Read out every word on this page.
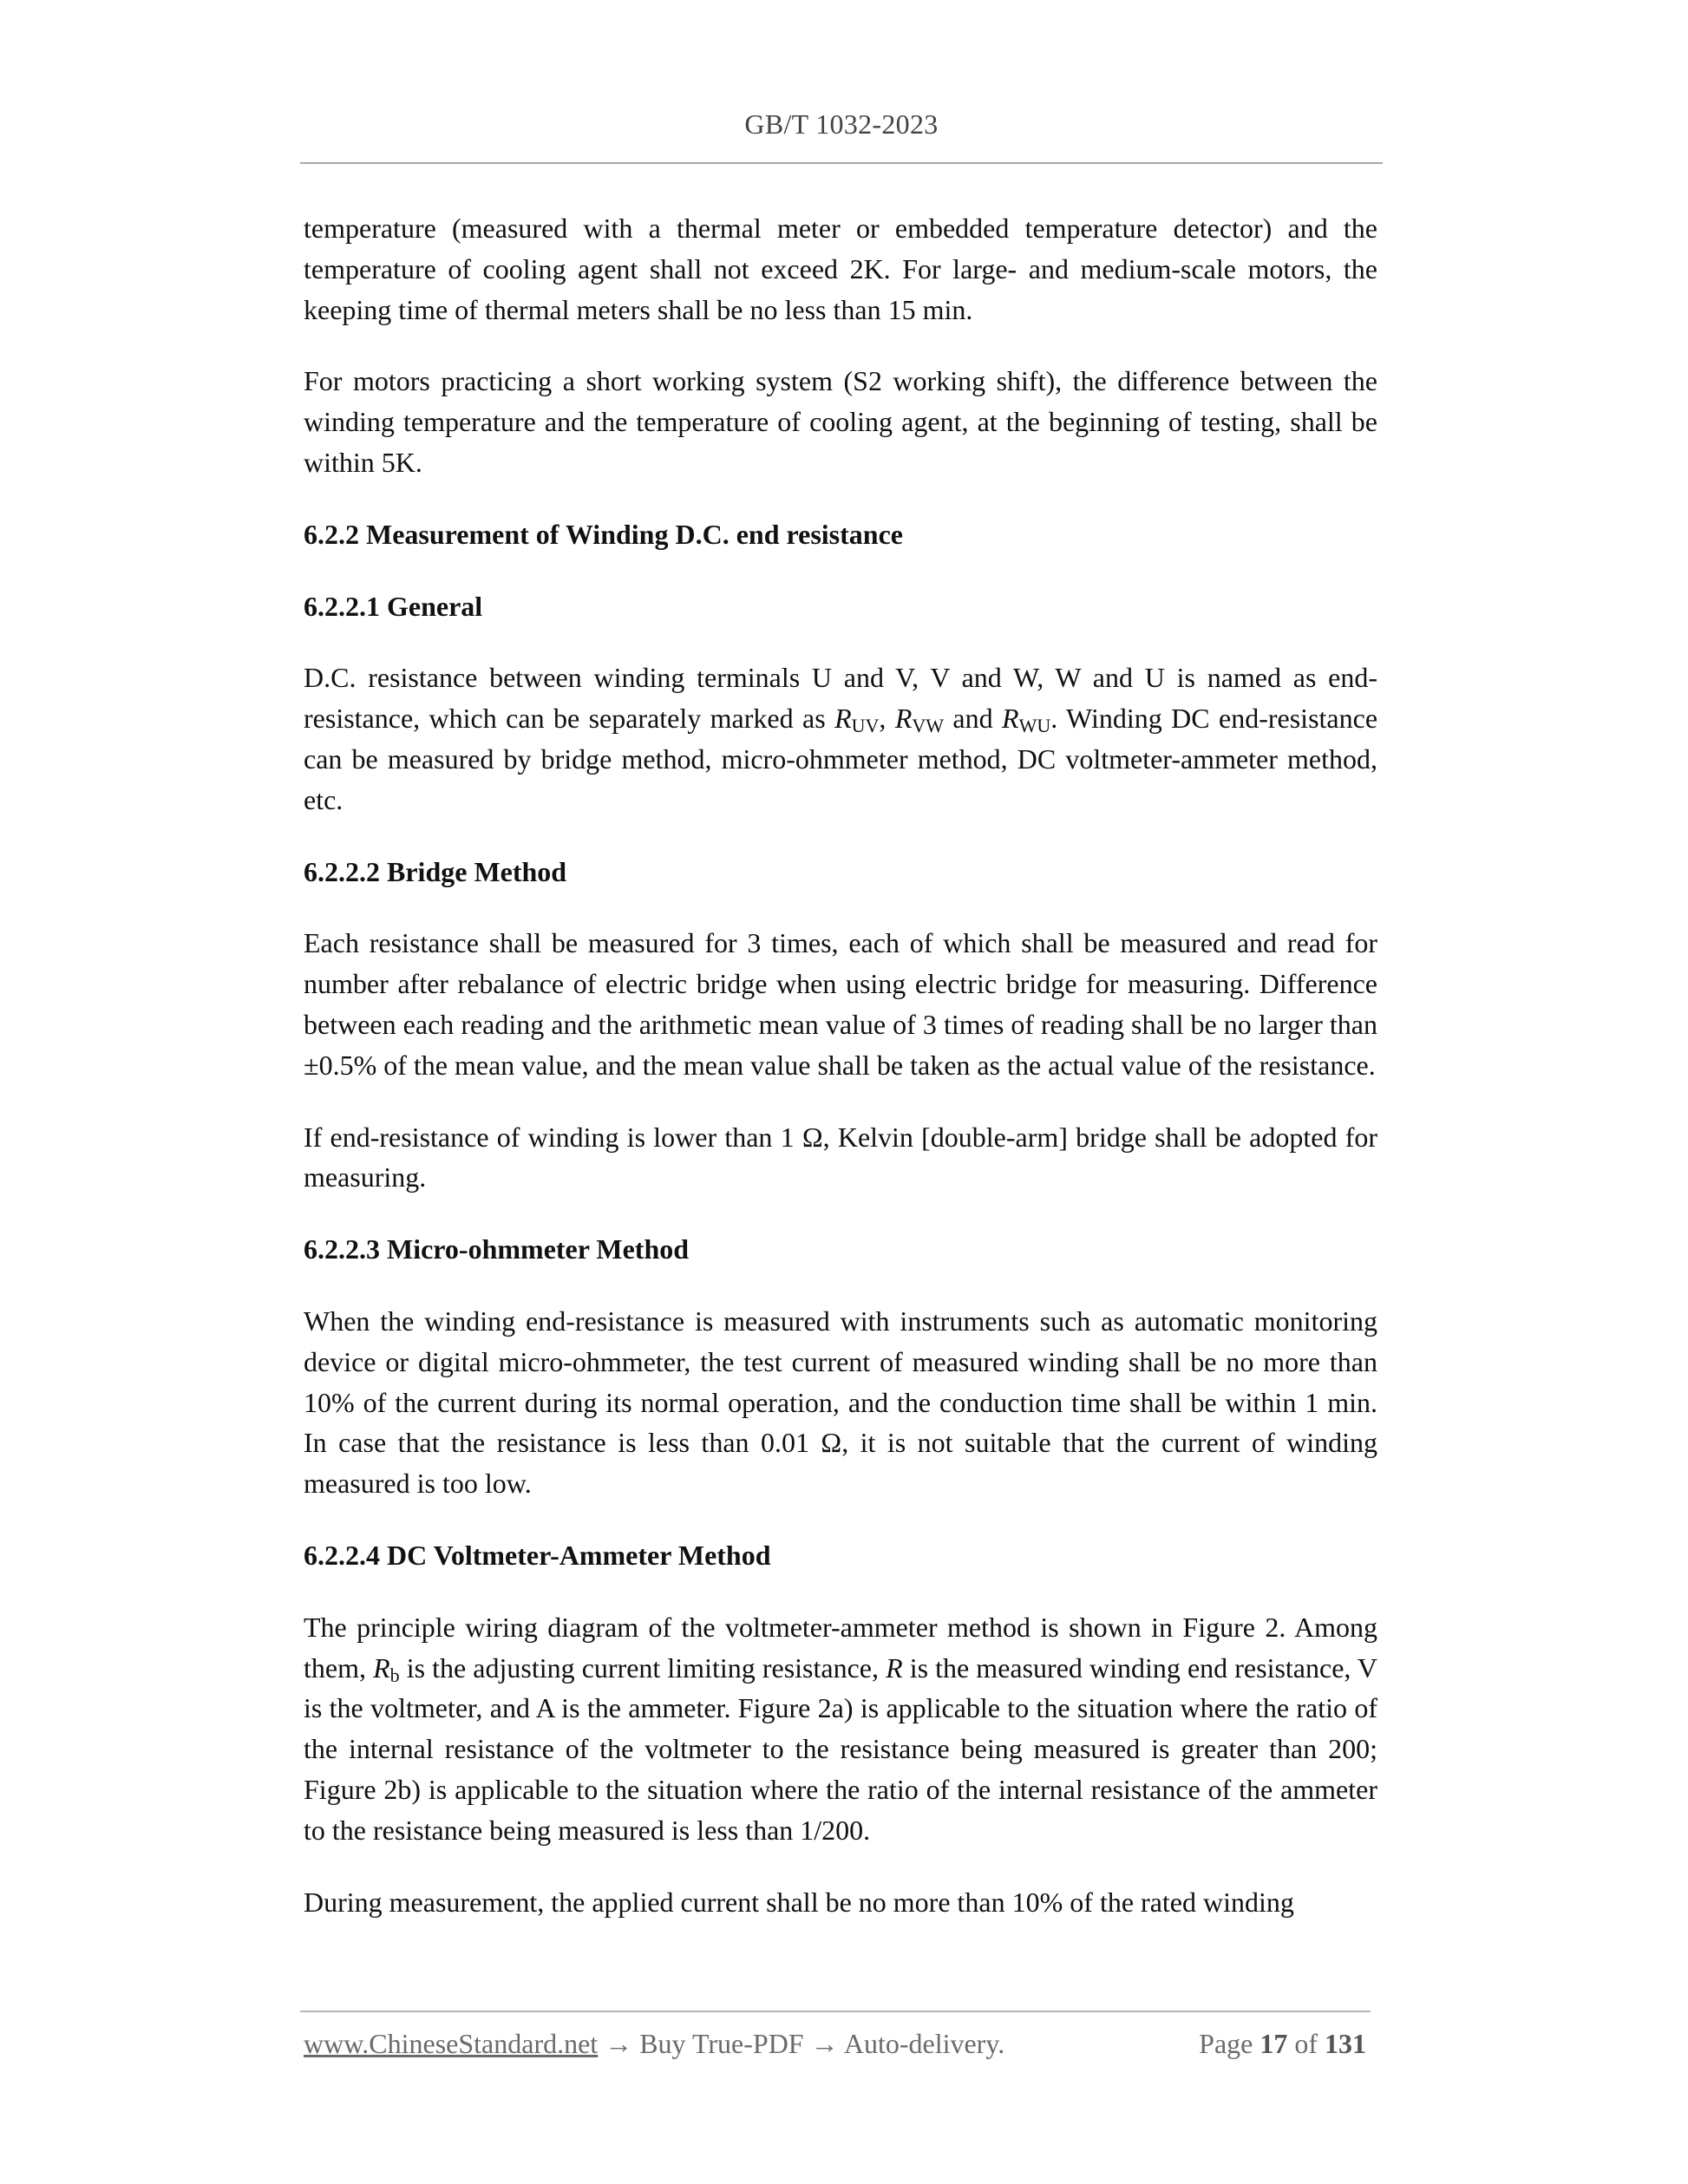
GB/T 1032-2023

temperature (measured with a thermal meter or embedded temperature detector) and the temperature of cooling agent shall not exceed 2K. For large- and medium-scale motors, the keeping time of thermal meters shall be no less than 15 min.

For motors practicing a short working system (S2 working shift), the difference between the winding temperature and the temperature of cooling agent, at the beginning of testing, shall be within 5K.

6.2.2 Measurement of Winding D.C. end resistance
6.2.2.1 General

D.C. resistance between winding terminals U and V, V and W, W and U is named as end-resistance, which can be separately marked as $R_{UV}$, $R_{VW}$ and $R_{WU}$. Winding DC end-resistance can be measured by bridge method, micro-ohmmeter method, DC voltmeter-ammeter method, etc.

6.2.2.2 Bridge Method

Each resistance shall be measured for 3 times, each of which shall be measured and read for number after rebalance of electric bridge when using electric bridge for measuring. Difference between each reading and the arithmetic mean value of 3 times of reading shall be no larger than ±0.5% of the mean value, and the mean value shall be taken as the actual value of the resistance.

If end-resistance of winding is lower than 1 Ω, Kelvin [double-arm] bridge shall be adopted for measuring.

6.2.2.3 Micro-ohmmeter Method

When the winding end-resistance is measured with instruments such as automatic monitoring device or digital micro-ohmmeter, the test current of measured winding shall be no more than 10% of the current during its normal operation, and the conduction time shall be within 1 min. In case that the resistance is less than 0.01 Ω, it is not suitable that the current of winding measured is too low.

6.2.2.4 DC Voltmeter-Ammeter Method

The principle wiring diagram of the voltmeter-ammeter method is shown in Figure 2. Among them, $R_b$ is the adjusting current limiting resistance, R is the measured winding end resistance, V is the voltmeter, and A is the ammeter. Figure 2a) is applicable to the situation where the ratio of the internal resistance of the voltmeter to the resistance being measured is greater than 200; Figure 2b) is applicable to the situation where the ratio of the internal resistance of the ammeter to the resistance being measured is less than 1/200.

During measurement, the applied current shall be no more than 10% of the rated winding

www.ChineseStandard.net → Buy True-PDF → Auto-delivery.	Page 17 of 131
